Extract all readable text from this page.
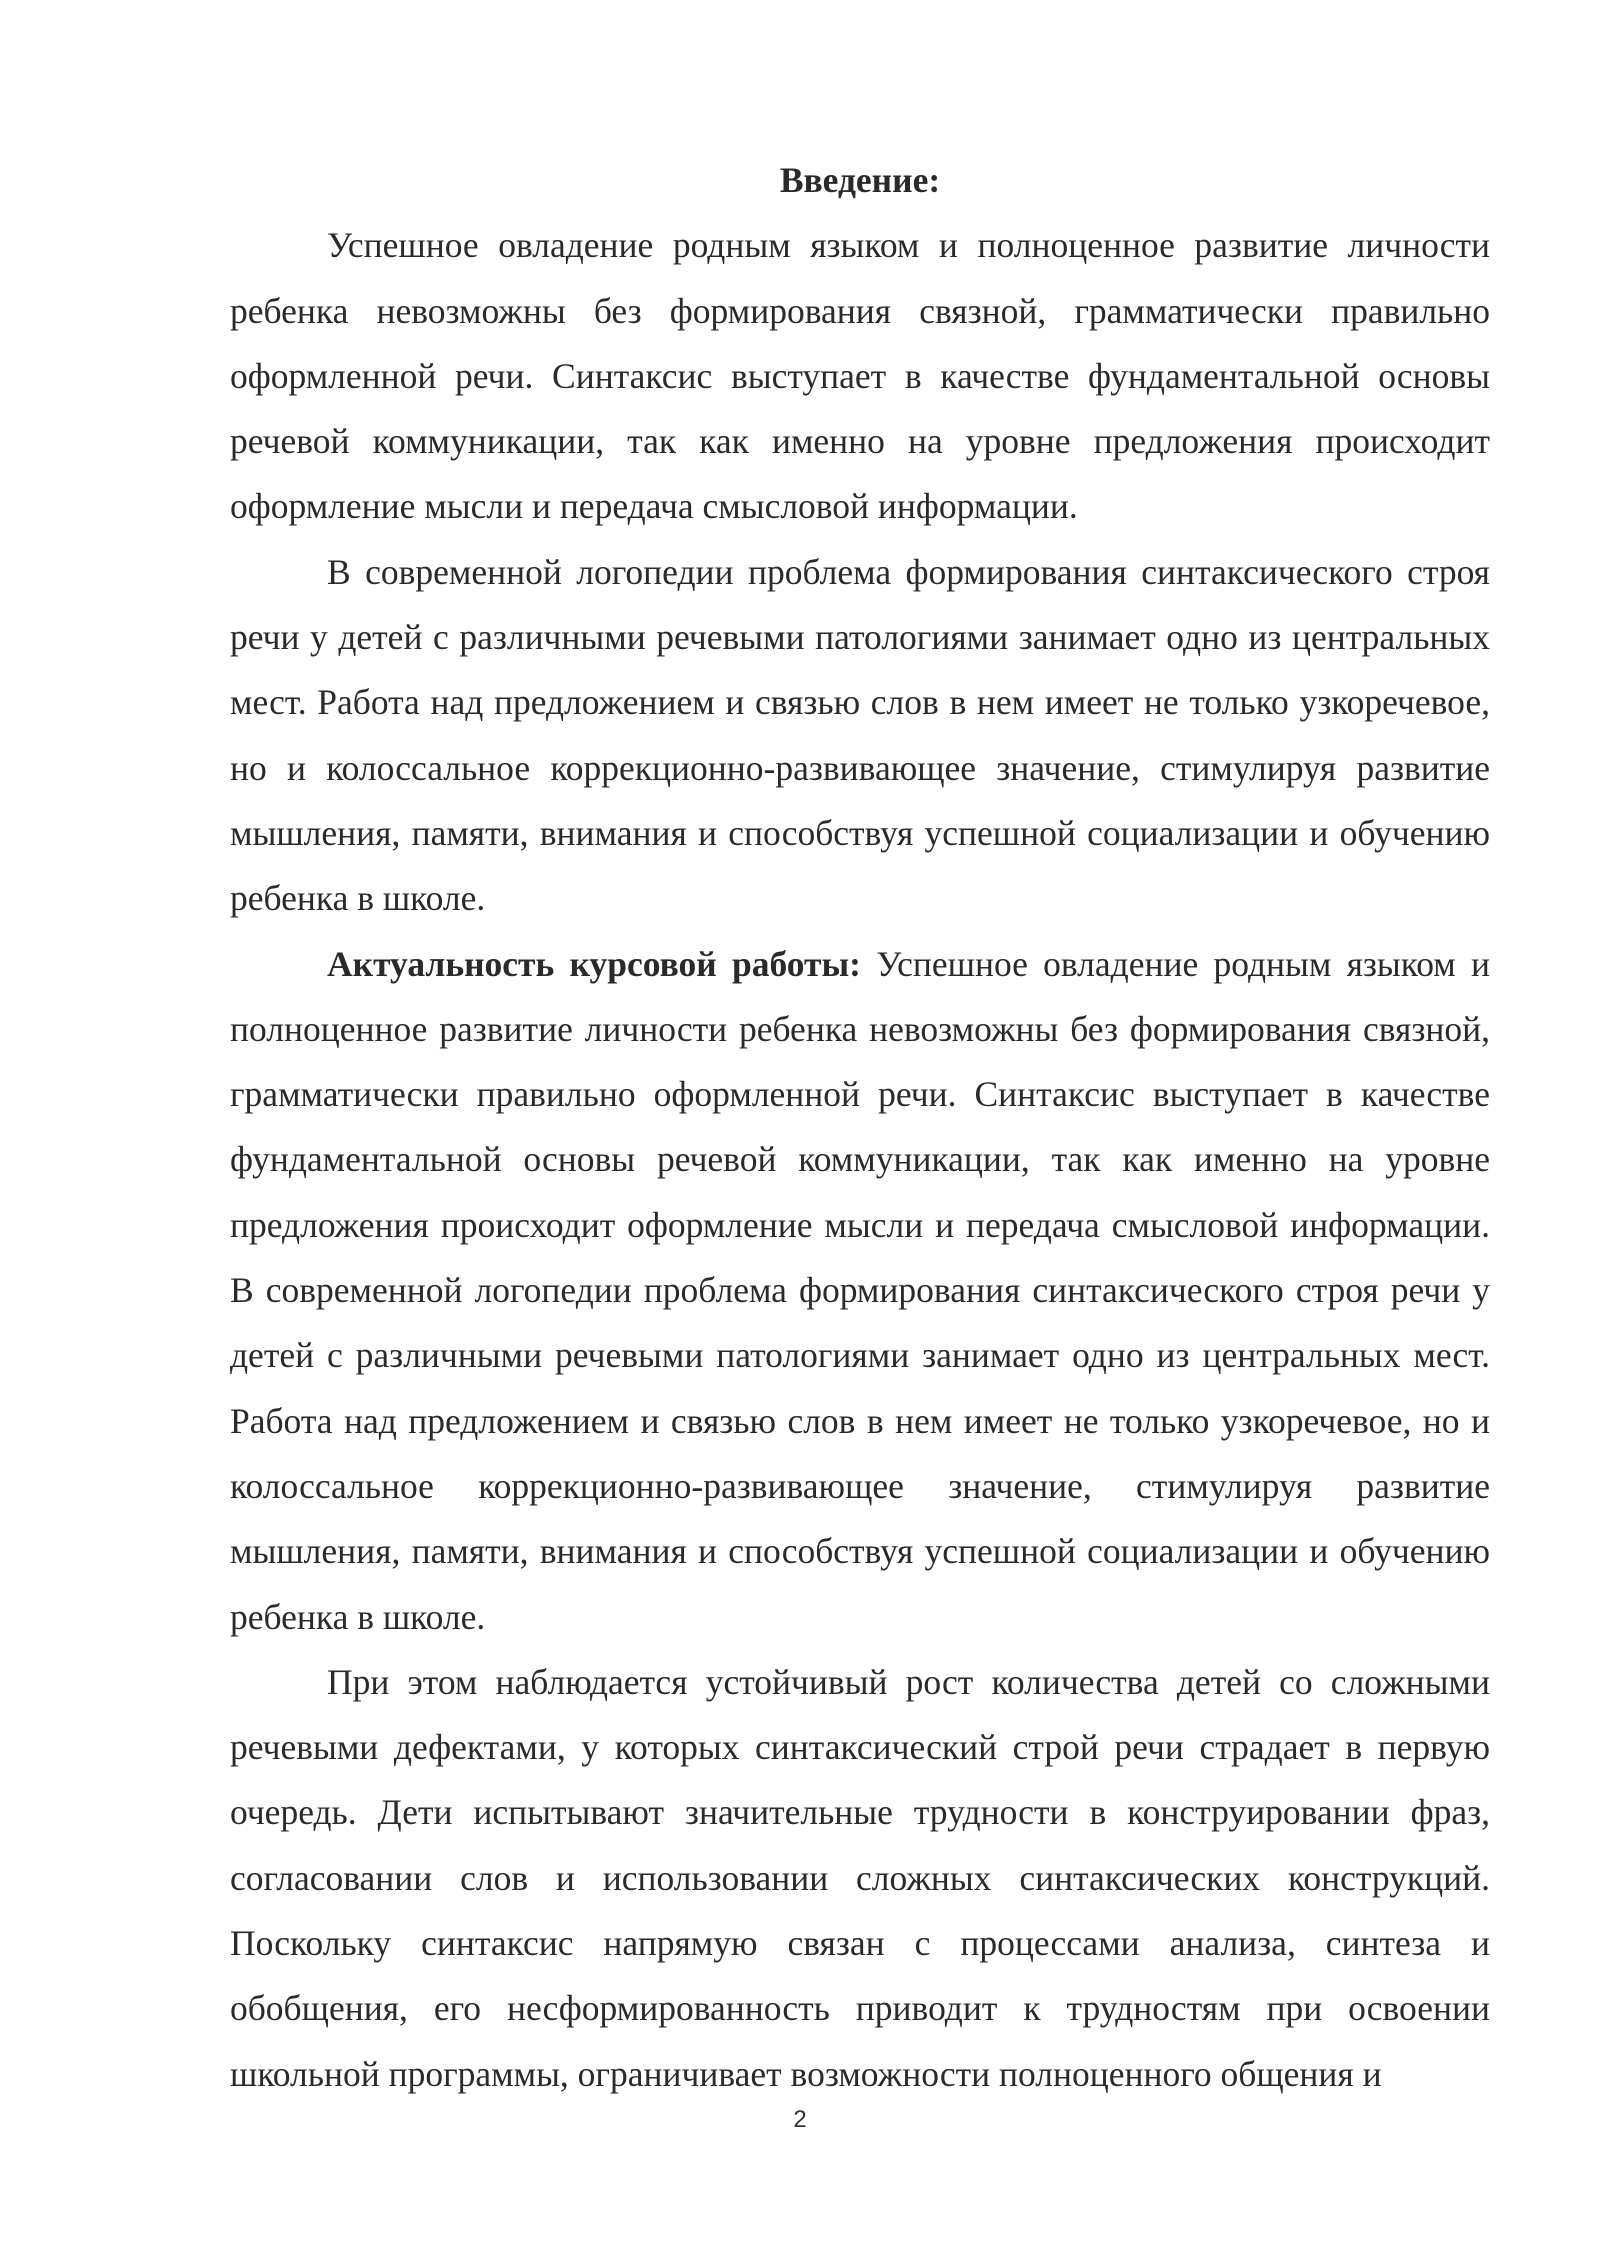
Введение:

Успешное овладение родным языком и полноценное развитие личности ребенка невозможны без формирования связной, грамматически правильно оформленной речи. Синтаксис выступает в качестве фундаментальной основы речевой коммуникации, так как именно на уровне предложения происходит оформление мысли и передача смысловой информации.

В современной логопедии проблема формирования синтаксического строя речи у детей с различными речевыми патологиями занимает одно из центральных мест. Работа над предложением и связью слов в нем имеет не только узкоречевое, но и колоссальное коррекционно-развивающее значение, стимулируя развитие мышления, памяти, внимания и способствуя успешной социализации и обучению ребенка в школе.

Актуальность курсовой работы: Успешное овладение родным языком и полноценное развитие личности ребенка невозможны без формирования связной, грамматически правильно оформленной речи. Синтаксис выступает в качестве фундаментальной основы речевой коммуникации, так как именно на уровне предложения происходит оформление мысли и передача смысловой информации. В современной логопедии проблема формирования синтаксического строя речи у детей с различными речевыми патологиями занимает одно из центральных мест. Работа над предложением и связью слов в нем имеет не только узкоречевое, но и колоссальное коррекционно-развивающее значение, стимулируя развитие мышления, памяти, внимания и способствуя успешной социализации и обучению ребенка в школе.

При этом наблюдается устойчивый рост количества детей со сложными речевыми дефектами, у которых синтаксический строй речи страдает в первую очередь. Дети испытывают значительные трудности в конструировании фраз, согласовании слов и использовании сложных синтаксических конструкций. Поскольку синтаксис напрямую связан с процессами анализа, синтеза и обобщения, его несформированность приводит к трудностям при освоении школьной программы, ограничивает возможности полноценного общения и

2
